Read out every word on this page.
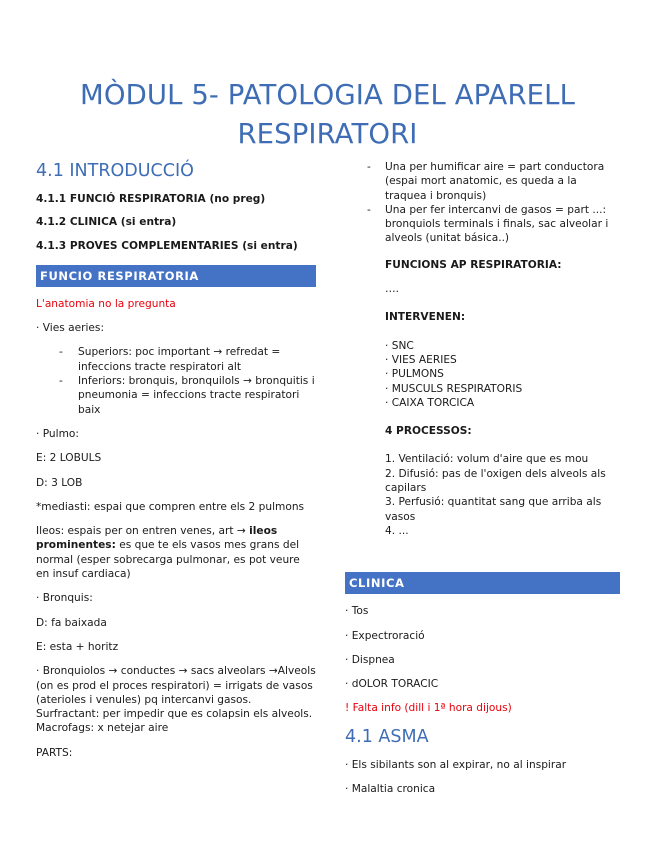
MÒDUL 5- PATOLOGIA DEL APARELL RESPIRATORI
4.1 INTRODUCCIÓ
4.1.1 FUNCIÓ RESPIRATORIA (no preg)
4.1.2 CLINICA (si entra)
4.1.3 PROVES COMPLEMENTARIES (si entra)
FUNCIO RESPIRATORIA

L'anatomia no la pregunta

· Vies aeries:

- Superiors: poc important → refredat = infeccions tracte respiratori alt
- Inferiors: bronquis, bronquilols → bronquitis i pneumonia = infeccions tracte respiratori baix

· Pulmo:

E: 2 LOBULS

D: 3 LOB

*mediasti: espai que compren entre els 2 pulmons

Ileos: espais per on entren venes, art → ileos prominentes: es que te els vasos mes grans del normal (esper sobrecarga pulmonar, es pot veure en insuf cardiaca)

· Bronquis:

D: fa baixada

E: esta + horitz

· Bronquiolos → conductes → sacs alveolars →Alveols (on es prod el proces respiratori) = irrigats de vasos (aterioles i venules) pq intercanvi gasos. Surfractant: per impedir que es colapsin els alveols. Macrofags: x netejar aire

PARTS:

- Una per humificar aire = part conductora (espai mort anatomic, es queda a la traquea i bronquis)
- Una per fer intercanvi de gasos = part ...: bronquiols terminals i finals, sac alveolar i alveols (unitat básica..)

FUNCIONS AP RESPIRATORIA:

….

INTERVENEN:

· SNC
· VIES AERIES
· PULMONS
· MUSCULS RESPIRATORIS
· CAIXA TORCICA

4 PROCESSOS:

1. Ventilació: volum d'aire que es mou
2. Difusió: pas de l'oxigen dels alveols als capilars
3. Perfusió: quantitat sang que arriba als vasos
4. ...
CLINICA

· Tos

· Expectroració

· Dispnea

· dOLOR TORACIC

! Falta info (dill i 1ª hora dijous)

4.1 ASMA

· Els sibilants son al expirar, no al inspirar

· Malaltia cronica
